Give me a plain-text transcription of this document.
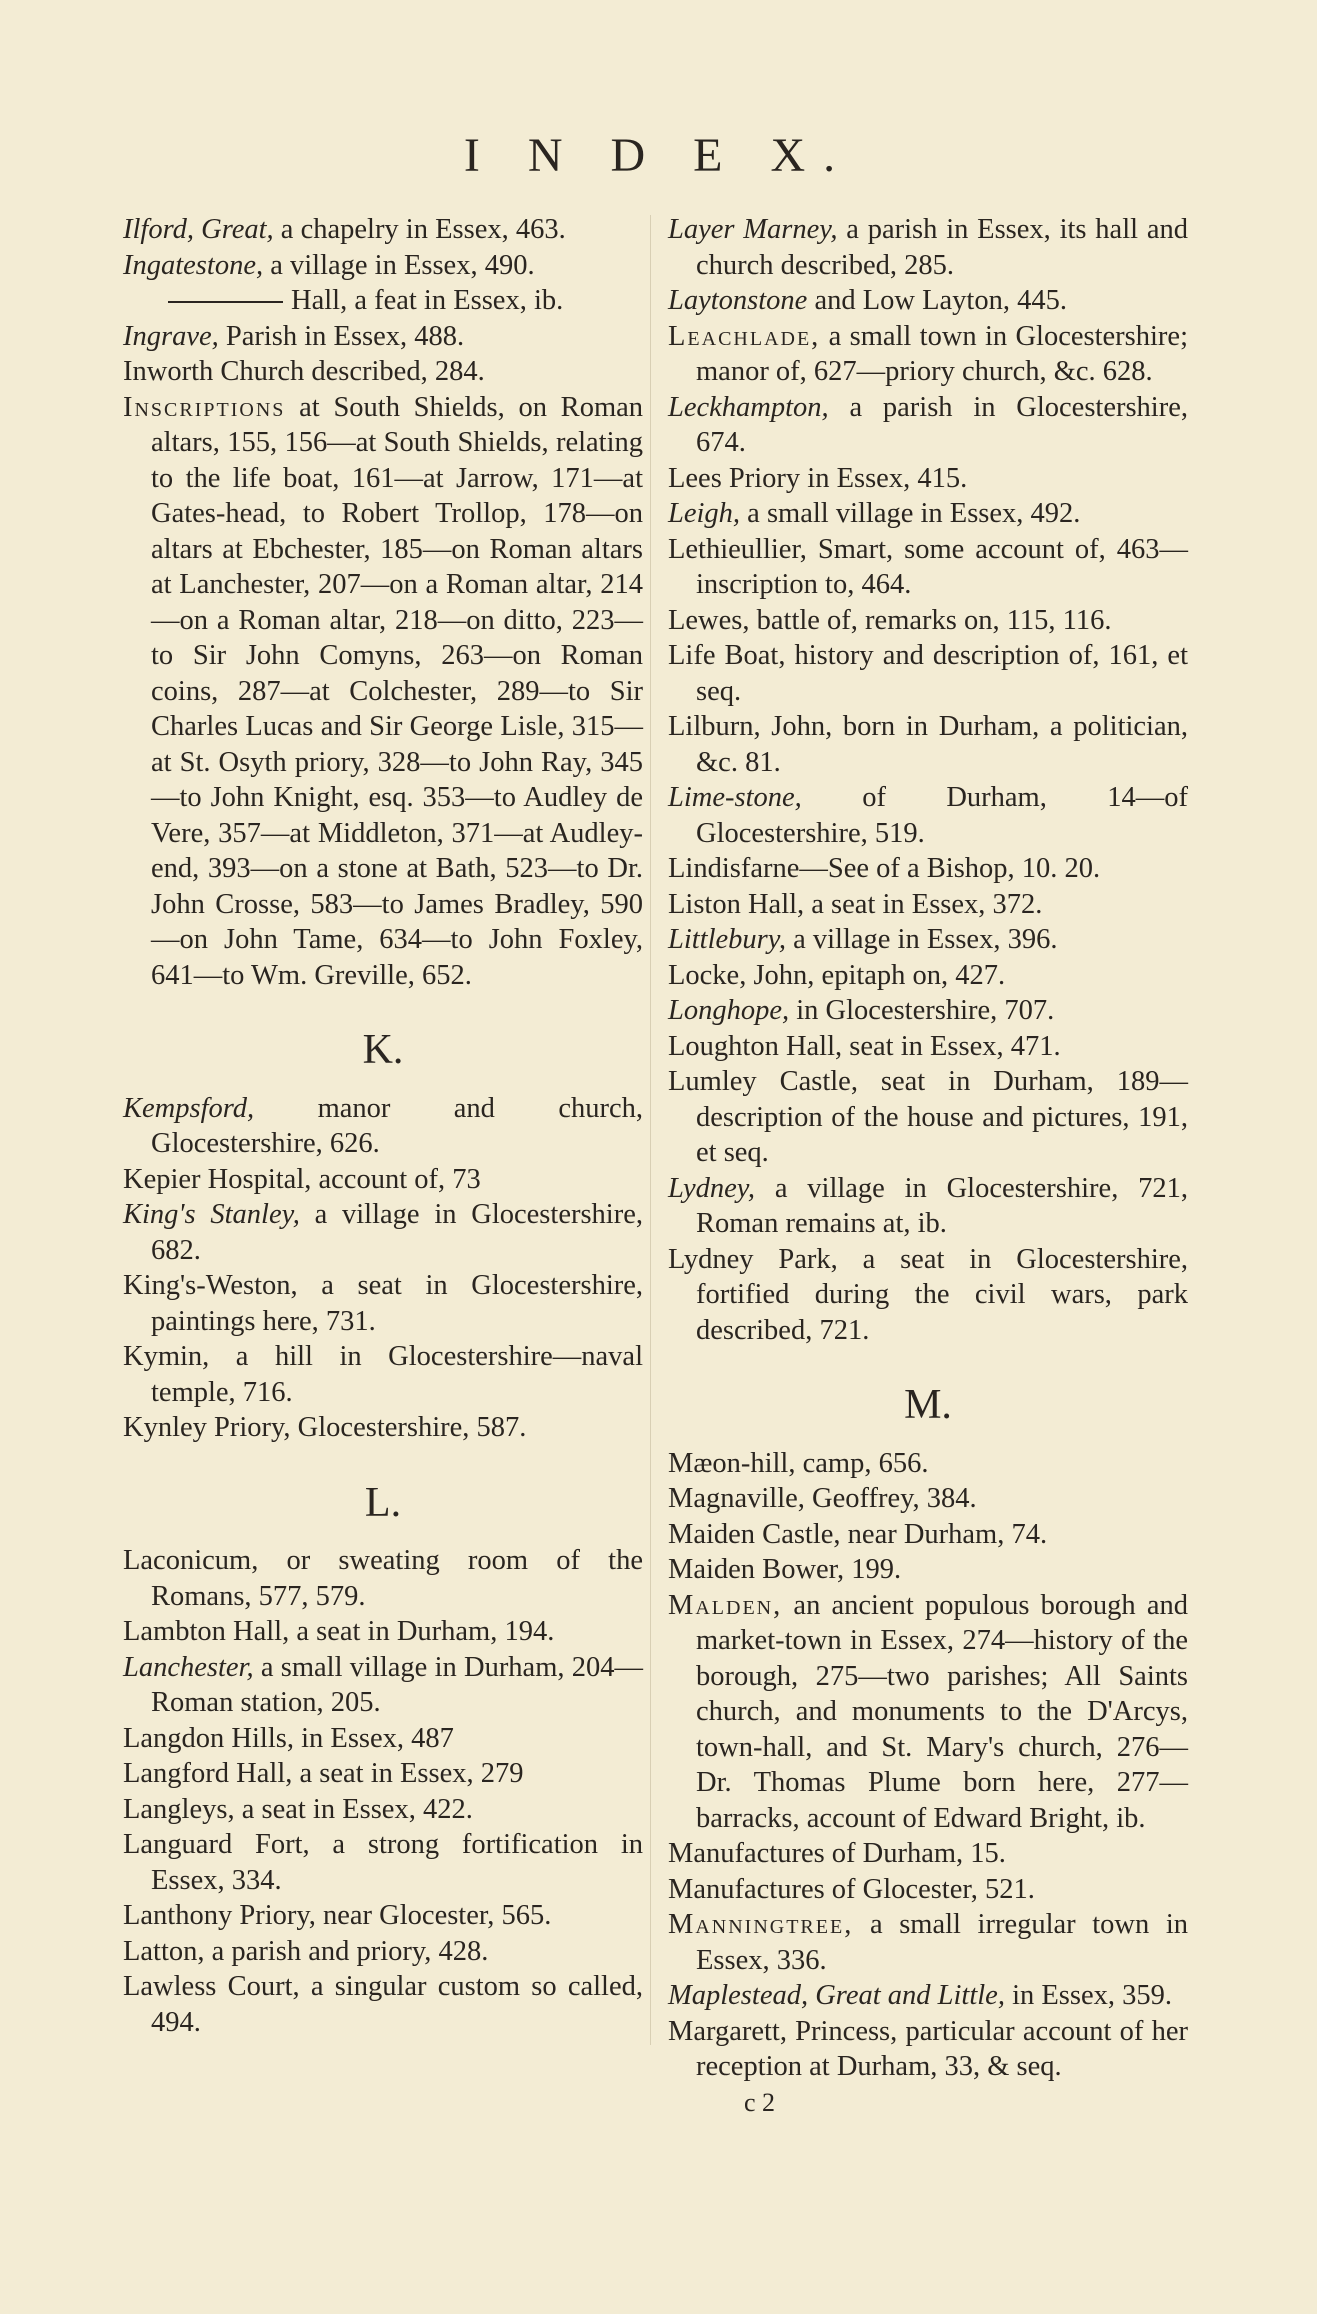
I N D E X.
Ilford, Great, a chapelry in Essex, 463.
Ingatestone, a village in Essex, 490.
Hall, a feat in Essex, ib.
Ingrave, Parish in Essex, 488.
Inworth Church described, 284.
Inscriptions at South Shields, on Roman altars, 155, 156—at South Shields, relating to the life boat, 161—at Jarrow, 171—at Gates-head, to Robert Trollop, 178—on altars at Ebchester, 185—on Roman altars at Lanchester, 207—on a Roman altar, 214—on a Roman altar, 218—on ditto, 223—to Sir John Comyns, 263—on Roman coins, 287—at Colchester, 289—to Sir Charles Lucas and Sir George Lisle, 315—at St. Osyth priory, 328—to John Ray, 345—to John Knight, esq. 353—to Audley de Vere, 357—at Middleton, 371—at Audley-end, 393—on a stone at Bath, 523—to Dr. John Crosse, 583—to James Bradley, 590—on John Tame, 634—to John Foxley, 641—to Wm. Greville, 652.
K.
Kempsford, manor and church, Glocestershire, 626.
Kepier Hospital, account of, 73
King's Stanley, a village in Glocestershire, 682.
King's-Weston, a seat in Glocestershire, paintings here, 731.
Kymin, a hill in Glocestershire—naval temple, 716.
Kynley Priory, Glocestershire, 587.
L.
Laconicum, or sweating room of the Romans, 577, 579.
Lambton Hall, a seat in Durham, 194.
Lanchester, a small village in Durham, 204—Roman station, 205.
Langdon Hills, in Essex, 487
Langford Hall, a seat in Essex, 279
Langleys, a seat in Essex, 422.
Languard Fort, a strong fortification in Essex, 334.
Lanthony Priory, near Glocester, 565.
Latton, a parish and priory, 428.
Lawless Court, a singular custom so called, 494.
Layer Marney, a parish in Essex, its hall and church described, 285.
Laytonstone and Low Layton, 445.
Leachlade, a small town in Glocestershire; manor of, 627—priory church, &c. 628.
Leckhampton, a parish in Glocestershire, 674.
Lees Priory in Essex, 415.
Leigh, a small village in Essex, 492.
Lethieullier, Smart, some account of, 463—inscription to, 464.
Lewes, battle of, remarks on, 115, 116.
Life Boat, history and description of, 161, et seq.
Lilburn, John, born in Durham, a politician, &c. 81.
Lime-stone, of Durham, 14—of Glocestershire, 519.
Lindisfarne—See of a Bishop, 10. 20.
Liston Hall, a seat in Essex, 372.
Littlebury, a village in Essex, 396.
Locke, John, epitaph on, 427.
Longhope, in Glocestershire, 707.
Loughton Hall, seat in Essex, 471.
Lumley Castle, seat in Durham, 189—description of the house and pictures, 191, et seq.
Lydney, a village in Glocestershire, 721, Roman remains at, ib.
Lydney Park, a seat in Glocestershire, fortified during the civil wars, park described, 721.
M.
Mæon-hill, camp, 656.
Magnaville, Geoffrey, 384.
Maiden Castle, near Durham, 74.
Maiden Bower, 199.
Malden, an ancient populous borough and market-town in Essex, 274—history of the borough, 275—two parishes; All Saints church, and monuments to the D'Arcys, town-hall, and St. Mary's church, 276—Dr. Thomas Plume born here, 277—barracks, account of Edward Bright, ib.
Manufactures of Durham, 15.
Manufactures of Glocester, 521.
Manningtree, a small irregular town in Essex, 336.
Maplestead, Great and Little, in Essex, 359.
Margarett, Princess, particular account of her reception at Durham, 33, & seq.
c 2
